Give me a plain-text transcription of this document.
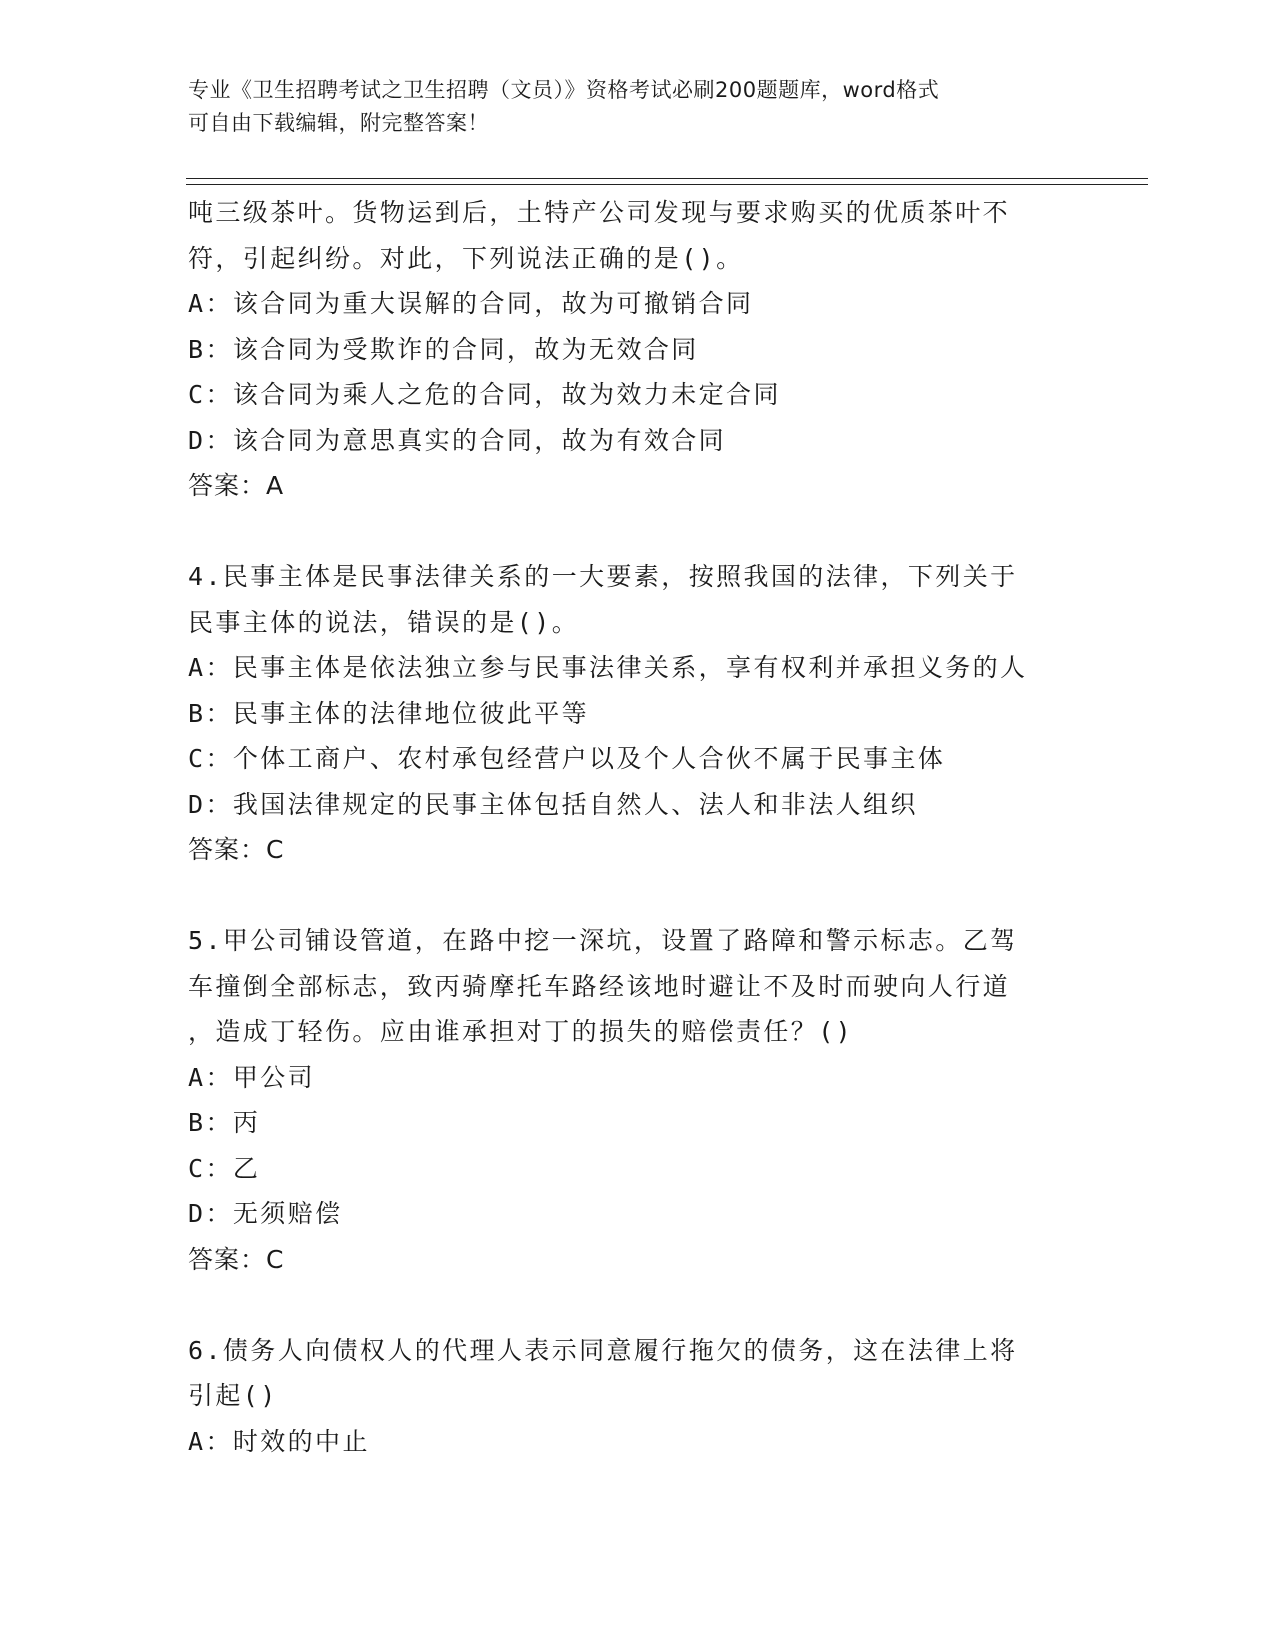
专业《卫生招聘考试之卫生招聘（文员）》资格考试必刷200题题库，word格式
可自由下载编辑，附完整答案！
吨三级茶叶。货物运到后，土特产公司发现与要求购买的优质茶叶不
符，引起纠纷。对此，下列说法正确的是()。
A：该合同为重大误解的合同，故为可撤销合同
B：该合同为受欺诈的合同，故为无效合同
C：该合同为乘人之危的合同，故为效力未定合同
D：该合同为意思真实的合同，故为有效合同
答案：A
4.民事主体是民事法律关系的一大要素，按照我国的法律，下列关于
民事主体的说法，错误的是()。
A：民事主体是依法独立参与民事法律关系，享有权利并承担义务的人
B：民事主体的法律地位彼此平等
C：个体工商户、农村承包经营户以及个人合伙不属于民事主体
D：我国法律规定的民事主体包括自然人、法人和非法人组织
答案：C
5.甲公司铺设管道，在路中挖一深坑，设置了路障和警示标志。乙驾
车撞倒全部标志，致丙骑摩托车路经该地时避让不及时而驶向人行道
，造成丁轻伤。应由谁承担对丁的损失的赔偿责任？()
A：甲公司
B：丙
C：乙
D：无须赔偿
答案：C
6.债务人向债权人的代理人表示同意履行拖欠的债务，这在法律上将
引起()
A：时效的中止
